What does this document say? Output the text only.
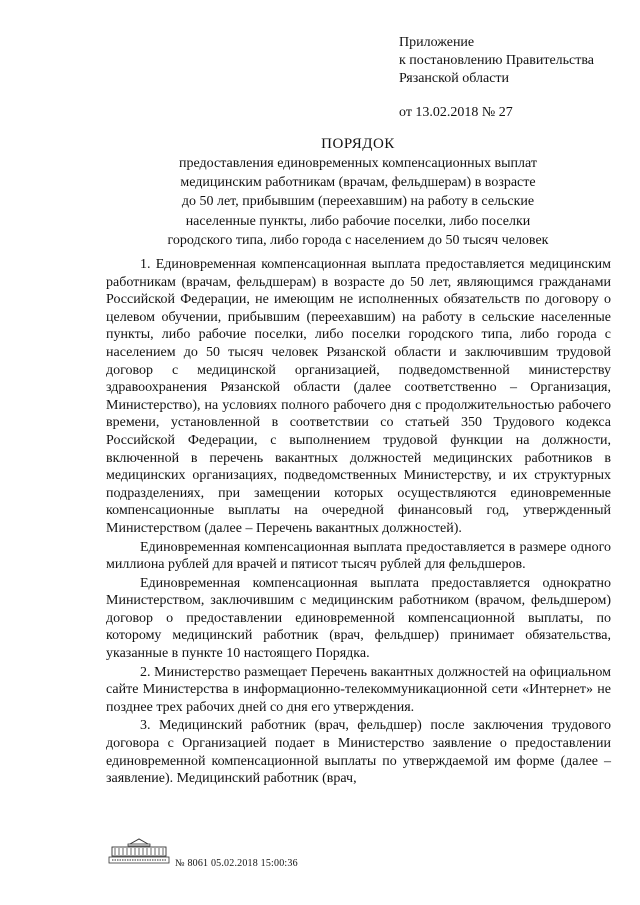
Приложение
к постановлению Правительства
Рязанской области
от 13.02.2018 № 27
ПОРЯДОК
предоставления единовременных компенсационных выплат
медицинским работникам (врачам, фельдшерам) в возрасте
до 50 лет, прибывшим (переехавшим) на работу в сельские
населенные пункты, либо рабочие поселки, либо поселки
городского типа, либо города с населением до 50 тысяч человек

1. Единовременная компенсационная выплата предоставляется медицинским работникам (врачам, фельдшерам) в возрасте до 50 лет, являющимся гражданами Российской Федерации, не имеющим не исполненных обязательств по договору о целевом обучении, прибывшим (переехавшим) на работу в сельские населенные пункты, либо рабочие поселки, либо поселки городского типа, либо города с населением до 50 тысяч человек Рязанской области и заключившим трудовой договор с медицинской организацией, подведомственной министерству здравоохранения Рязанской области (далее соответственно – Организация, Министерство), на условиях полного рабочего дня с продолжительностью рабочего времени, установленной в соответствии со статьей 350 Трудового кодекса Российской Федерации, с выполнением трудовой функции на должности, включенной в перечень вакантных должностей медицинских работников в медицинских организациях, подведомственных Министерству, и их структурных подразделениях, при замещении которых осуществляются единовременные компенсационные выплаты на очередной финансовый год, утвержденный Министерством (далее – Перечень вакантных должностей).

Единовременная компенсационная выплата предоставляется в размере одного миллиона рублей для врачей и пятисот тысяч рублей для фельдшеров.

Единовременная компенсационная выплата предоставляется однократно Министерством, заключившим с медицинским работником (врачом, фельдшером) договор о предоставлении единовременной компенсационной выплаты, по которому медицинский работник (врач, фельдшер) принимает обязательства, указанные в пункте 10 настоящего Порядка.

2. Министерство размещает Перечень вакантных должностей на официальном сайте Министерства в информационно-телекоммуникационной сети «Интернет» не позднее трех рабочих дней со дня его утверждения.

3. Медицинский работник (врач, фельдшер) после заключения трудового договора с Организацией подает в Министерство заявление о предоставлении единовременной компенсационной выплаты по утверждаемой им форме (далее – заявление). Медицинский работник (врач,

№ 8061 05.02.2018 15:00:36
